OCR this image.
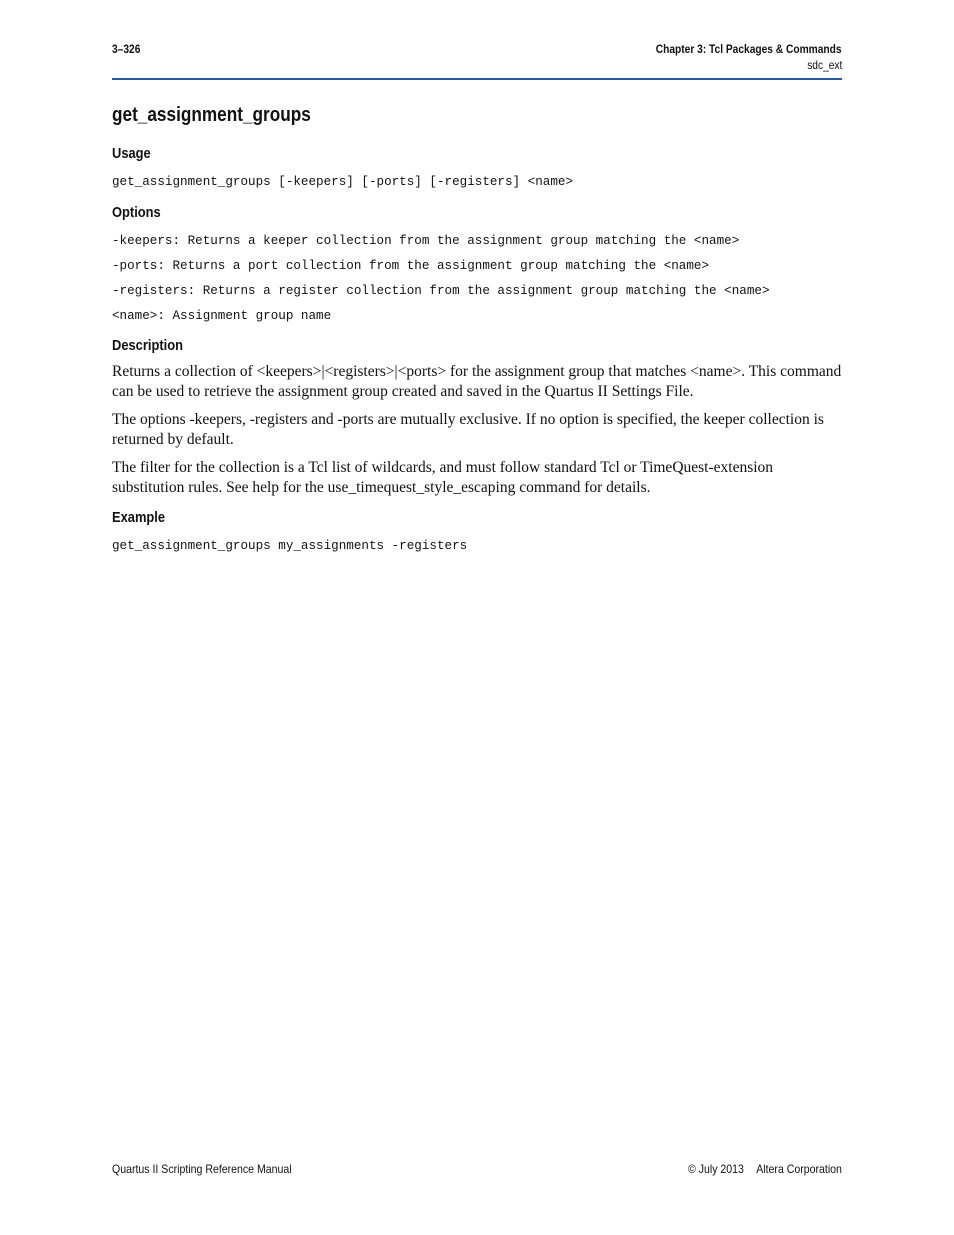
3–326	Chapter 3: Tcl Packages & Commands
sdc_ext
get_assignment_groups
Usage
get_assignment_groups [-keepers] [-ports] [-registers] <name>
Options
-keepers: Returns a keeper collection from the assignment group matching the <name>
-ports: Returns a port collection from the assignment group matching the <name>
-registers: Returns a register collection from the assignment group matching the <name>
<name>: Assignment group name
Description

Returns a collection of <keepers>|<registers>|<ports> for the assignment group that matches <name>. This command can be used to retrieve the assignment group created and saved in the Quartus II Settings File.

The options -keepers, -registers and -ports are mutually exclusive. If no option is specified, the keeper collection is returned by default.

The filter for the collection is a Tcl list of wildcards, and must follow standard Tcl or TimeQuest-extension substitution rules. See help for the use_timequest_style_escaping command for details.

Example
get_assignment_groups my_assignments -registers
Quartus II Scripting Reference Manual	© July 2013 Altera Corporation
